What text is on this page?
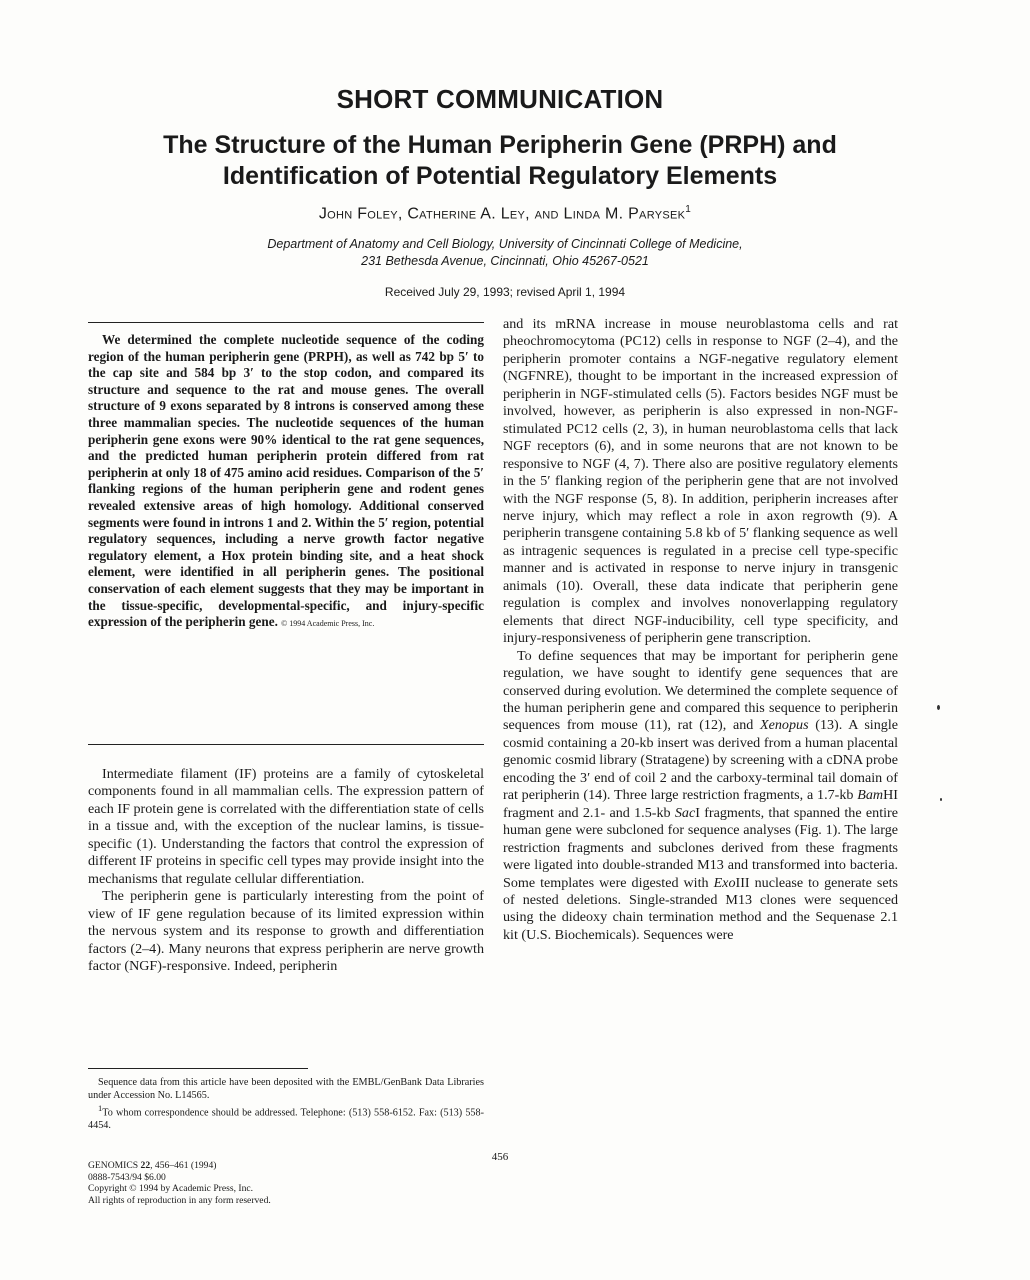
SHORT COMMUNICATION
The Structure of the Human Peripherin Gene (PRPH) and
Identification of Potential Regulatory Elements
John Foley, Catherine A. Ley, and Linda M. Parysek$^1$
Department of Anatomy and Cell Biology, University of Cincinnati College of Medicine,
231 Bethesda Avenue, Cincinnati, Ohio 45267-0521
Received July 29, 1993; revised April 1, 1994
We determined the complete nucleotide sequence of the coding region of the human peripherin gene (PRPH), as well as 742 bp 5′ to the cap site and 584 bp 3′ to the stop codon, and compared its structure and sequence to the rat and mouse genes. The overall structure of 9 exons separated by 8 introns is conserved among these three mammalian species. The nucleotide sequences of the human peripherin gene exons were 90% identical to the rat gene sequences, and the predicted human peripherin protein differed from rat peripherin at only 18 of 475 amino acid residues. Comparison of the 5′ flanking regions of the human peripherin gene and rodent genes revealed extensive areas of high homology. Additional conserved segments were found in introns 1 and 2. Within the 5′ region, potential regulatory sequences, including a nerve growth factor negative regulatory element, a Hox protein binding site, and a heat shock element, were identified in all peripherin genes. The positional conservation of each element suggests that they may be important in the tissue-specific, developmental-specific, and injury-specific expression of the peripherin gene. © 1994 Academic Press, Inc.

Intermediate filament (IF) proteins are a family of cytoskeletal components found in all mammalian cells. The expression pattern of each IF protein gene is correlated with the differentiation state of cells in a tissue and, with the exception of the nuclear lamins, is tissue-specific (1). Understanding the factors that control the expression of different IF proteins in specific cell types may provide insight into the mechanisms that regulate cellular differentiation.

The peripherin gene is particularly interesting from the point of view of IF gene regulation because of its limited expression within the nervous system and its response to growth and differentiation factors (2–4). Many neurons that express peripherin are nerve growth factor (NGF)-responsive. Indeed, peripherin

Sequence data from this article have been deposited with the EMBL/GenBank Data Libraries under Accession No. L14565.

$^1$To whom correspondence should be addressed. Telephone: (513) 558-6152. Fax: (513) 558-4454.

GENOMICS 22, 456–461 (1994)
0888-7543/94 $6.00
Copyright © 1994 by Academic Press, Inc.
All rights of reproduction in any form reserved.
456

and its mRNA increase in mouse neuroblastoma cells and rat pheochromocytoma (PC12) cells in response to NGF (2–4), and the peripherin promoter contains a NGF-negative regulatory element (NGFNRE), thought to be important in the increased expression of peripherin in NGF-stimulated cells (5). Factors besides NGF must be involved, however, as peripherin is also expressed in non-NGF-stimulated PC12 cells (2, 3), in human neuroblastoma cells that lack NGF receptors (6), and in some neurons that are not known to be responsive to NGF (4, 7). There also are positive regulatory elements in the 5′ flanking region of the peripherin gene that are not involved with the NGF response (5, 8). In addition, peripherin increases after nerve injury, which may reflect a role in axon regrowth (9). A peripherin transgene containing 5.8 kb of 5′ flanking sequence as well as intragenic sequences is regulated in a precise cell type-specific manner and is activated in response to nerve injury in transgenic animals (10). Overall, these data indicate that peripherin gene regulation is complex and involves nonoverlapping regulatory elements that direct NGF-inducibility, cell type specificity, and injury-responsiveness of peripherin gene transcription.

To define sequences that may be important for peripherin gene regulation, we have sought to identify gene sequences that are conserved during evolution. We determined the complete sequence of the human peripherin gene and compared this sequence to peripherin sequences from mouse (11), rat (12), and Xenopus (13). A single cosmid containing a 20-kb insert was derived from a human placental genomic cosmid library (Stratagene) by screening with a cDNA probe encoding the 3′ end of coil 2 and the carboxy-terminal tail domain of rat peripherin (14). Three large restriction fragments, a 1.7-kb BamHI fragment and 2.1- and 1.5-kb SacI fragments, that spanned the entire human gene were subcloned for sequence analyses (Fig. 1). The large restriction fragments and subclones derived from these fragments were ligated into double-stranded M13 and transformed into bacteria. Some templates were digested with ExoIII nuclease to generate sets of nested deletions. Single-stranded M13 clones were sequenced using the dideoxy chain termination method and the Sequenase 2.1 kit (U.S. Biochemicals). Sequences were
